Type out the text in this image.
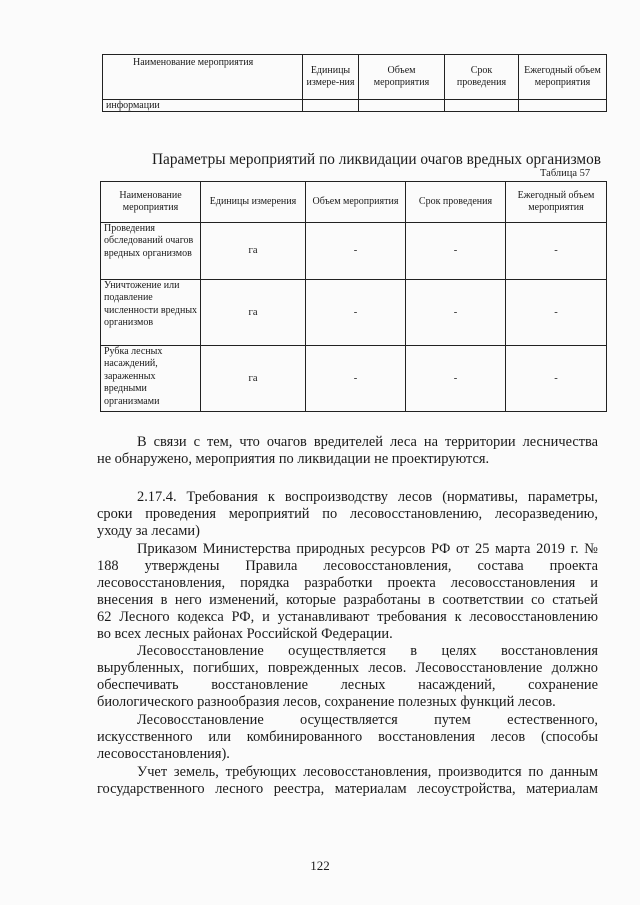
Наименование мероприятия	Единицы измере-ния	Объем мероприятия	Срок проведения	Ежегодный объем мероприятия
информации				
Параметры мероприятий по ликвидации очагов вредных организмов
Таблица 57
Наименование мероприятия	Единицы измерения	Объем мероприятия	Срок проведения	Ежегодный объем мероприятия
Проведения обследований очагов вредных организмов	га	-	-	-
Уничтожение или подавление численности вредных организмов	га	-	-	-
Рубка лесных насаждений, зараженных вредными организмами	га	-	-	-
В связи с тем, что очагов вредителей леса на территории лесничества
не обнаружено, мероприятия по ликвидации не проектируются.
2.17.4. Требования к воспроизводству лесов (нормативы, параметры,
сроки проведения мероприятий по лесовосстановлению, лесоразведению,
уходу за лесами)
Приказом Министерства природных ресурсов РФ от 25 марта 2019 г. №
188 утверждены Правила лесовосстановления, состава проекта
лесовосстановления, порядка разработки проекта лесовосстановления и
внесения в него изменений, которые разработаны в соответствии со статьей
62 Лесного кодекса РФ, и устанавливают требования к лесовосстановлению
во всех лесных районах Российской Федерации.
Лесовосстановление осуществляется в целях восстановления
вырубленных, погибших, поврежденных лесов. Лесовосстановление должно
обеспечивать восстановление лесных насаждений, сохранение
биологического разнообразия лесов, сохранение полезных функций лесов.
Лесовосстановление осуществляется путем естественного,
искусственного или комбинированного восстановления лесов (способы
лесовосстановления).
Учет земель, требующих лесовосстановления, производится по данным
государственного лесного реестра, материалам лесоустройства, материалам
122
